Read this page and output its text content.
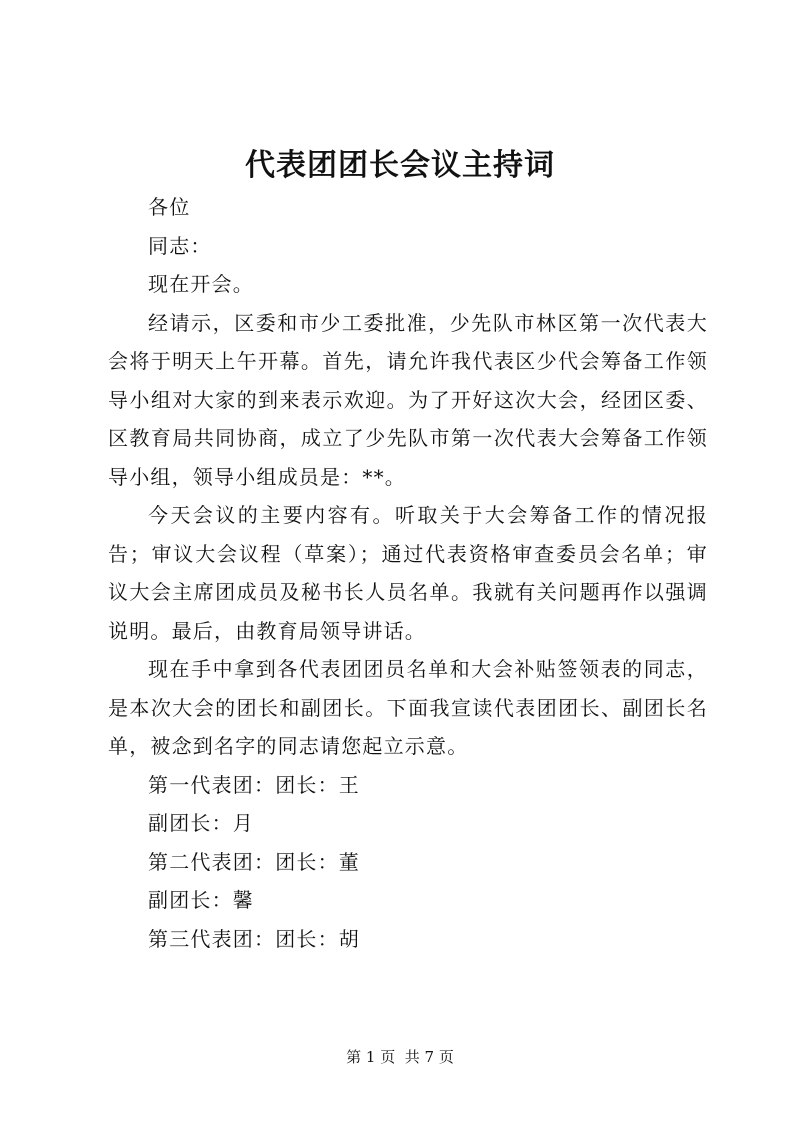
代表团团长会议主持词

各位

同志：

现在开会。

经请示，区委和市少工委批准，少先队市林区第一次代表大会将于明天上午开幕。首先，请允许我代表区少代会筹备工作领导小组对大家的到来表示欢迎。为了开好这次大会，经团区委、区教育局共同协商，成立了少先队市第一次代表大会筹备工作领导小组，领导小组成员是：**。

今天会议的主要内容有。听取关于大会筹备工作的情况报告；审议大会议程（草案）；通过代表资格审查委员会名单；审议大会主席团成员及秘书长人员名单。我就有关问题再作以强调说明。最后，由教育局领导讲话。

现在手中拿到各代表团团员名单和大会补贴签领表的同志，是本次大会的团长和副团长。下面我宣读代表团团长、副团长名单，被念到名字的同志请您起立示意。

第一代表团：团长：王

副团长：月

第二代表团：团长：董

副团长：馨

第三代表团：团长：胡

第 1 页  共 7 页
